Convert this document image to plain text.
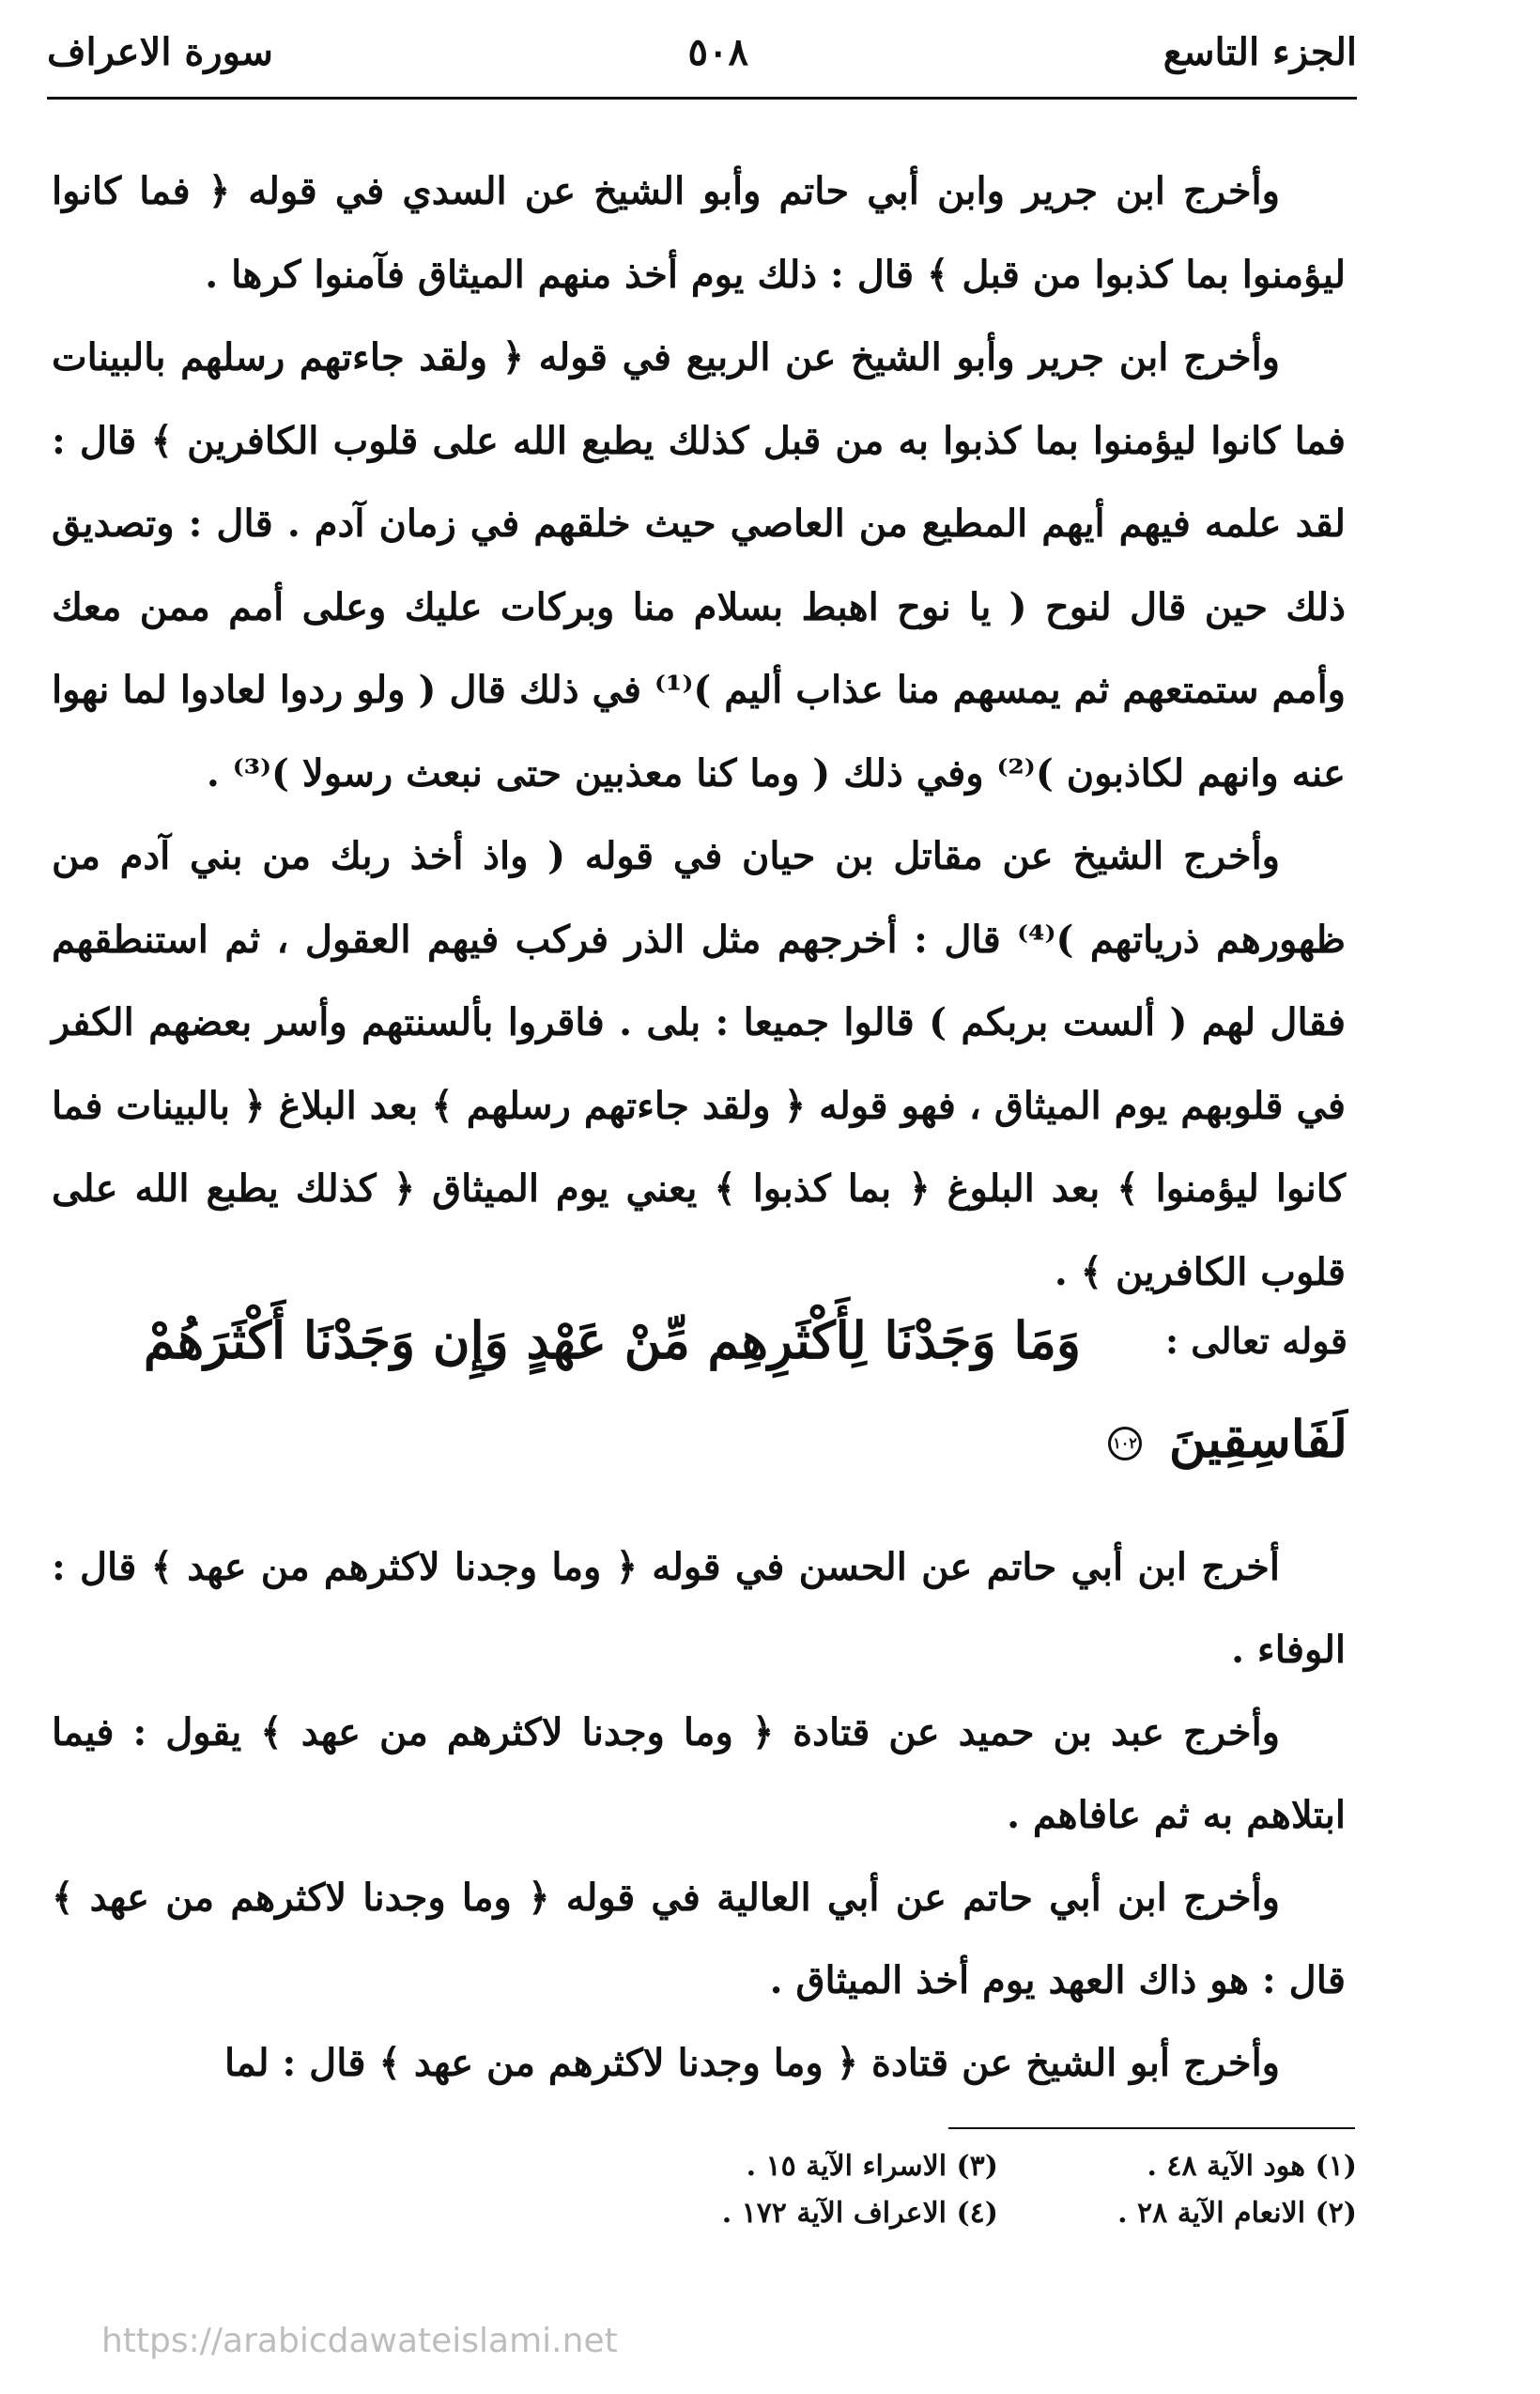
الجزء التاسع
٥٠٨
سورة الاعراف

وأخرج ابن جرير وابن أبي حاتم وأبو الشيخ عن السدي في قوله ﴿ فما كانوا ليؤمنوا بما كذبوا من قبل ﴾ قال : ذلك يوم أخذ منهم الميثاق فآمنوا كرها .

وأخرج ابن جرير وأبو الشيخ عن الربيع في قوله ﴿ ولقد جاءتهم رسلهم بالبينات فما كانوا ليؤمنوا بما كذبوا به من قبل كذلك يطبع الله على قلوب الكافرين ﴾ قال : لقد علمه فيهم أيهم المطيع من العاصي حيث خلقهم في زمان آدم . قال : وتصديق ذلك حين قال لنوح ( يا نوح اهبط بسلام منا وبركات عليك وعلى أمم ممن معك وأمم ستمتعهم ثم يمسهم منا عذاب أليم )⁽¹⁾ في ذلك قال ( ولو ردوا لعادوا لما نهوا عنه وانهم لكاذبون )⁽²⁾ وفي ذلك ( وما كنا معذبين حتى نبعث رسولا )⁽³⁾ .

وأخرج الشيخ عن مقاتل بن حيان في قوله ( واذ أخذ ربك من بني آدم من ظهورهم ذرياتهم )⁽⁴⁾ قال : أخرجهم مثل الذر فركب فيهم العقول ، ثم استنطقهم فقال لهم ( ألست بربكم ) قالوا جميعا : بلى . فاقروا بألسنتهم وأسر بعضهم الكفر في قلوبهم يوم الميثاق ، فهو قوله ﴿ ولقد جاءتهم رسلهم ﴾ بعد البلاغ ﴿ بالبينات فما كانوا ليؤمنوا ﴾ بعد البلوغ ﴿ بما كذبوا ﴾ يعني يوم الميثاق ﴿ كذلك يطبع الله على قلوب الكافرين ﴾ .

قوله تعالى :
وَمَا وَجَدْنَا لِأَكْثَرِهِم مِّنْ عَهْدٍ وَإِن وَجَدْنَا أَكْثَرَهُمْ
لَفَاسِقِينَ ١٠٢

أخرج ابن أبي حاتم عن الحسن في قوله ﴿ وما وجدنا لاكثرهم من عهد ﴾ قال : الوفاء .

وأخرج عبد بن حميد عن قتادة ﴿ وما وجدنا لاكثرهم من عهد ﴾ يقول : فيما ابتلاهم به ثم عافاهم .

وأخرج ابن أبي حاتم عن أبي العالية في قوله ﴿ وما وجدنا لاكثرهم من عهد ﴾ قال : هو ذاك العهد يوم أخذ الميثاق .

وأخرج أبو الشيخ عن قتادة ﴿ وما وجدنا لاكثرهم من عهد ﴾ قال : لما

(١) هود الآية ٤٨ .
(٣) الاسراء الآية ١٥ .
(٢) الانعام الآية ٢٨ .
(٤) الاعراف الآية ١٧٢ .
https://arabicdawateislami.net
